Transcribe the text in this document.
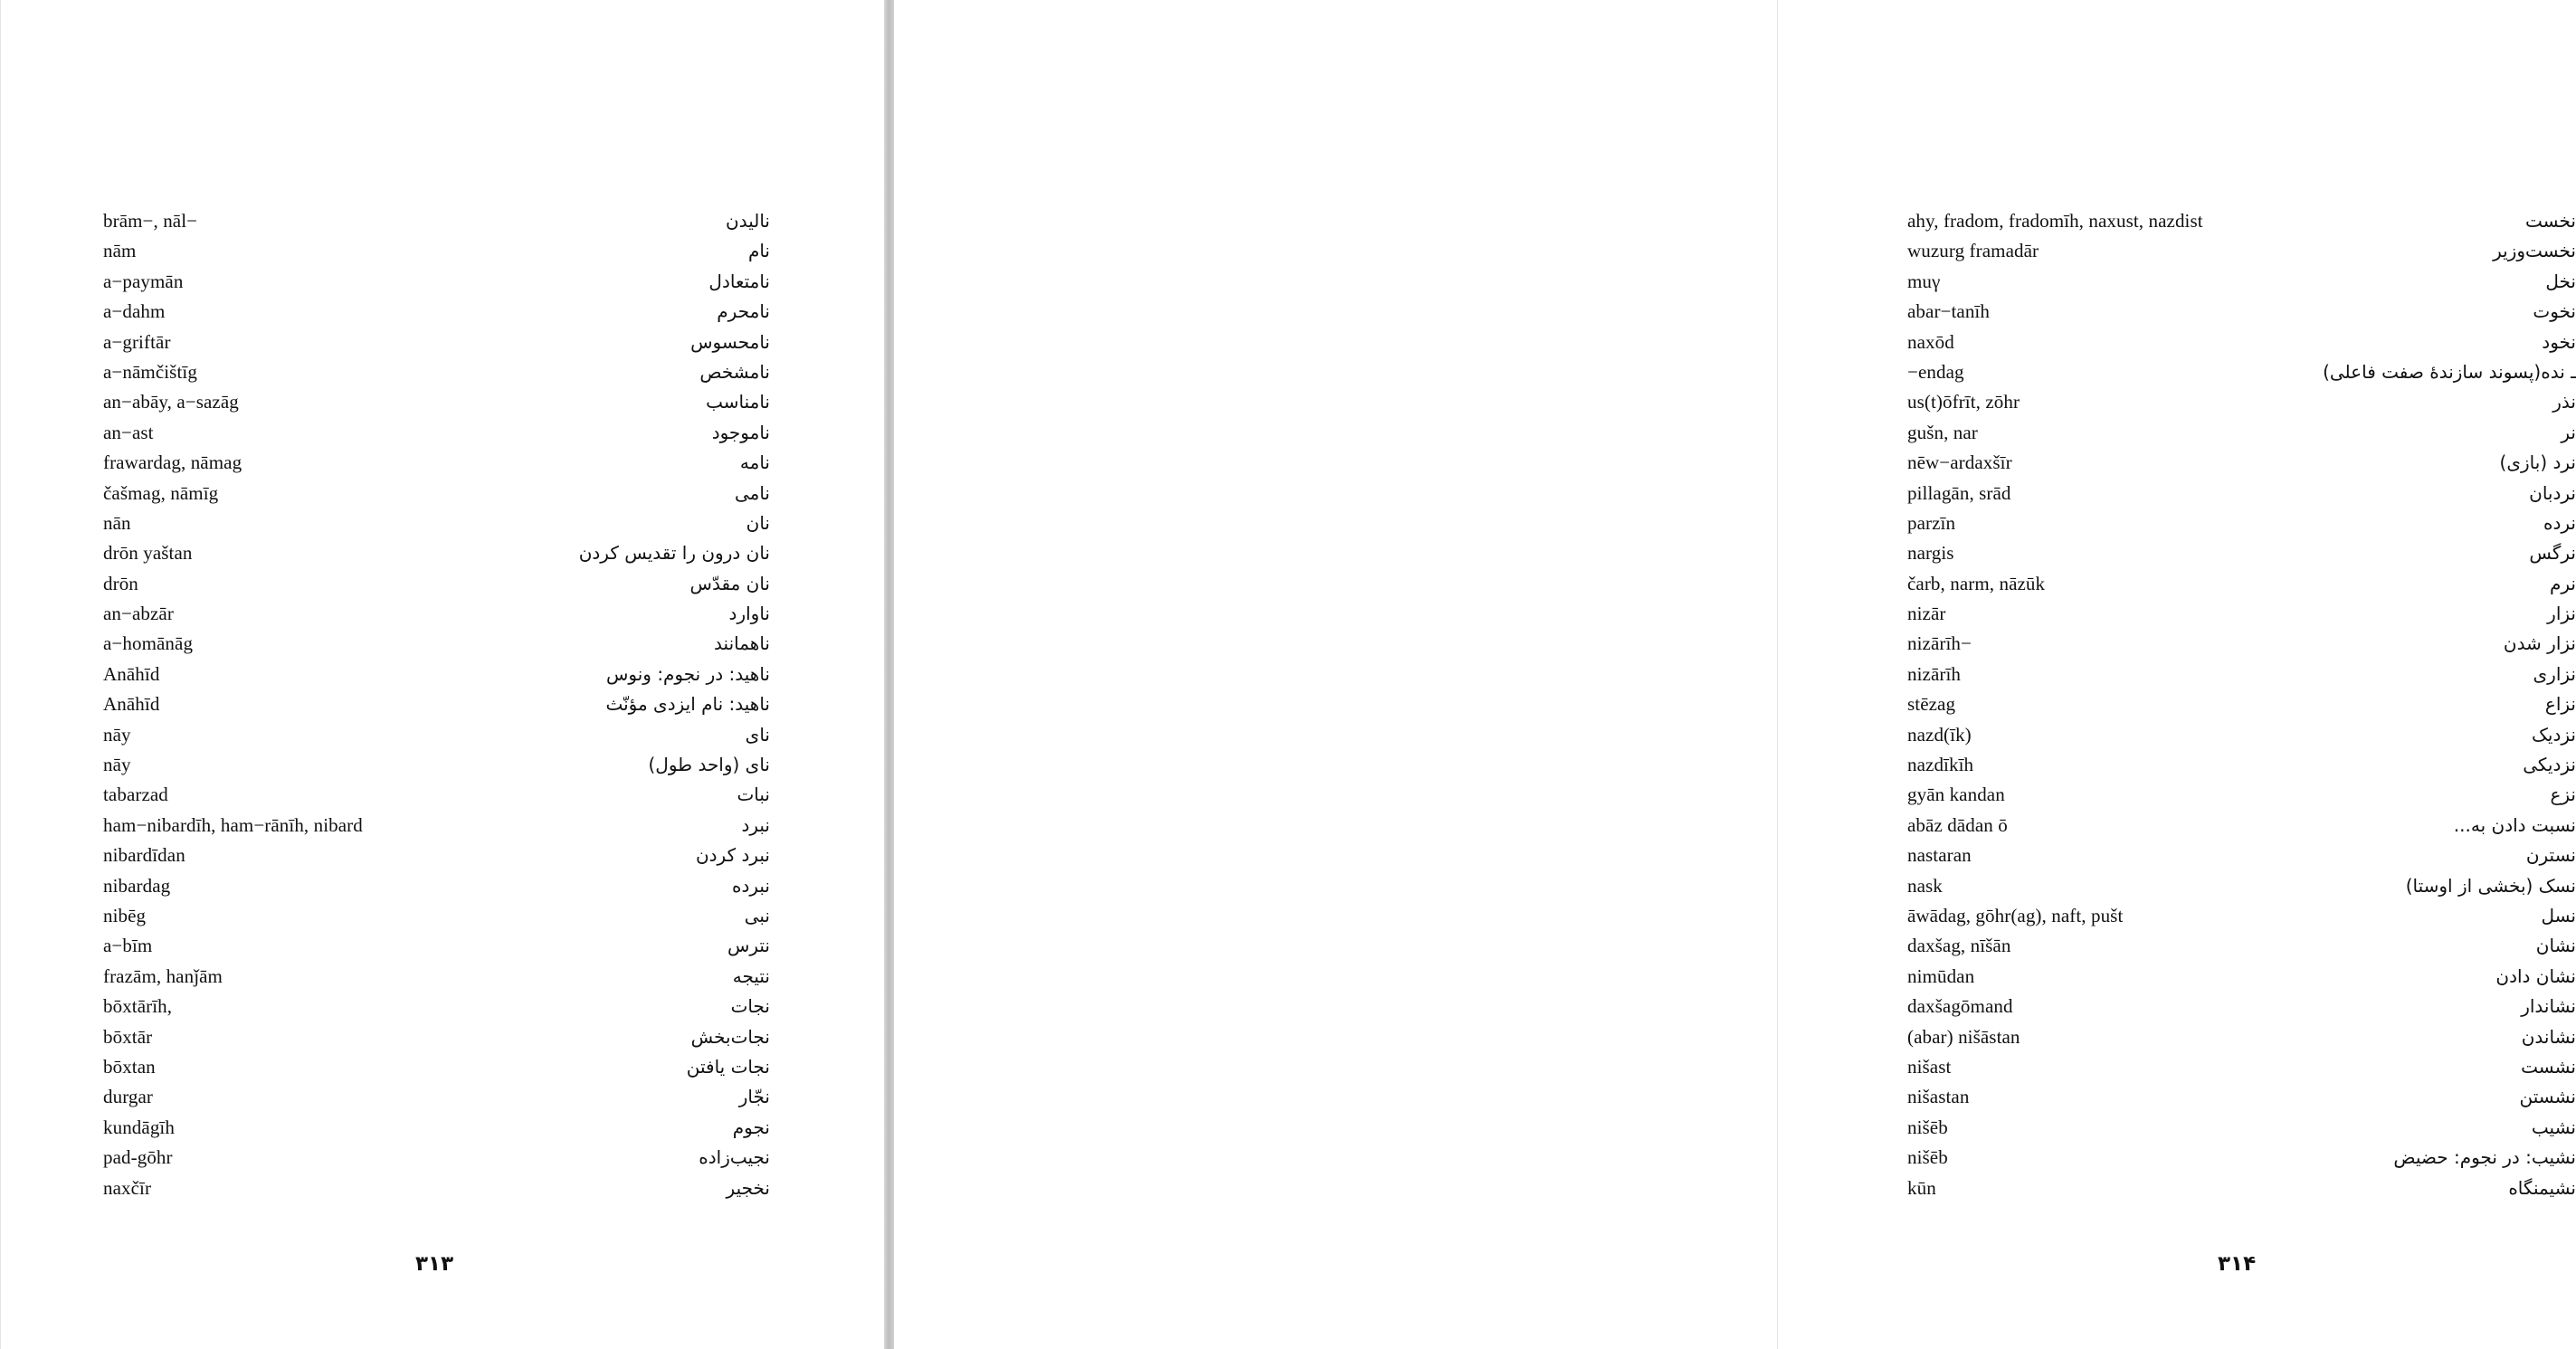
brām−, nāl−	نالیدن
nām	نام
a−paymān	نامتعادل
a−dahm	نامحرم
a−griftār	نامحسوس
a−nāmčištīg	نامشخص
an−abāy, a−sazāg	نامناسب
an−ast	ناموجود
frawardag, nāmag	نامه
čašmag, nāmīg	نامی
nān	نان
drōn yaštan	نان درون را تقدیس کردن
drōn	نان مقدّس
an−abzār	ناوارد
a−homānāg	ناهمانند
Anāhīd	ناهید: در نجوم: ونوس
Anāhīd	ناهید: نام ایزدی مؤنّث
nāy	نای
nāy	نای (واحد طول)
tabarzad	نبات
ham−nibardīh, ham−rānīh, nibard	نبرد
nibardīdan	نبرد کردن
nibardag	نبرده
nibēg	نبی
a−bīm	نترس
frazām, hanǰām	نتیجه
bōxtārīh,	نجات
bōxtār	نجات‌بخش
bōxtan	نجات یافتن
durgar	نجّار
kundāgīh	نجوم
pad-gōhr	نجیب‌زاده
naxčīr	نخجیر
۳۱۳
ahy, fradom, fradomīh, naxust, nazdist	نخست
wuzurg framadār	نخست‌وزیر
muγ	نخل
abar−tanīh	نخوت
naxōd	نخود
−endag	ـ نده(پسوند سازندهٔ صفت فاعلی)
us(t)ōfrīt, zōhr	نذر
gušn, nar	نر
nēw−ardaxšīr	نرد (بازی)
pillagān, srād	نردبان
parzīn	نرده
nargis	نرگس
čarb, narm, nāzūk	نرم
nizār	نزار
nizārīh−	نزار شدن
nizārīh	نزاری
stēzag	نزاع
nazd(īk)	نزدیک
nazdīkīh	نزدیکی
gyān kandan	نزع
abāz dādan ō	نسبت دادن به...
nastaran	نسترن
nask	نسک (بخشی از اوستا)
āwādag, gōhr(ag), naft, pušt	نسل
daxšag, nīšān	نشان
nimūdan	نشان دادن
daxšagōmand	نشاندار
(abar) nišāstan	نشاندن
nišast	نشست
nišastan	نشستن
nišēb	نشیب
nišēb	نشیب: در نجوم: حضیض
kūn	نشیمنگاه
۳۱۴
